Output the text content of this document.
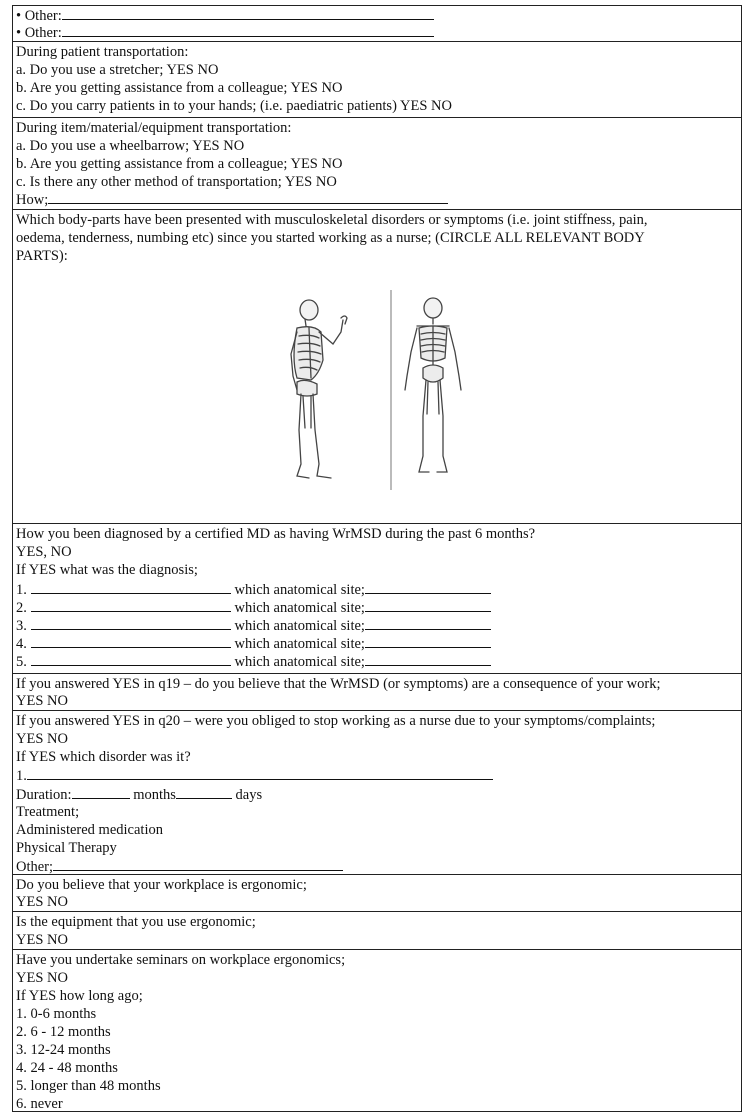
• Other:
• Other:
During patient transportation:
a. Do you use a stretcher; YES NO
b. Are you getting assistance from a colleague; YES NO
c. Do you carry patients in to your hands; (i.e. paediatric patients) YES NO
During item/material/equipment transportation:
a. Do you use a wheelbarrow; YES NO
b. Are you getting assistance from a colleague; YES NO
c. Is there any other method of transportation; YES NO
How;
Which body-parts have been presented with musculoskeletal disorders or symptoms (i.e. joint stiffness, pain,
oedema, tenderness, numbing etc) since you started working as a nurse; (CIRCLE ALL RELEVANT BODY
PARTS):
How you been diagnosed by a certified MD as having WrMSD during the past 6 months?
YES, NO
If YES what was the diagnosis;
1.	which anatomical site;
2.	which anatomical site;
3.	which anatomical site;
4.	which anatomical site;
5.	which anatomical site;
If you answered YES in q19 – do you believe that the WrMSD (or symptoms) are a consequence of your work;
YES NO
If you answered YES in q20 – were you obliged to stop working as a nurse due to your symptoms/complaints;
YES NO
If YES which disorder was it?
1.
Duration:	months	days
Treatment;
Administered medication
Physical Therapy
Other;
Do you believe that your workplace is ergonomic;
YES NO
Is the equipment that you use ergonomic;
YES NO
Have you undertake seminars on workplace ergonomics;
YES NO
If YES how long ago;
1. 0-6 months
2. 6 - 12 months
3. 12-24 months
4. 24 - 48 months
5. longer than 48 months
6. never
